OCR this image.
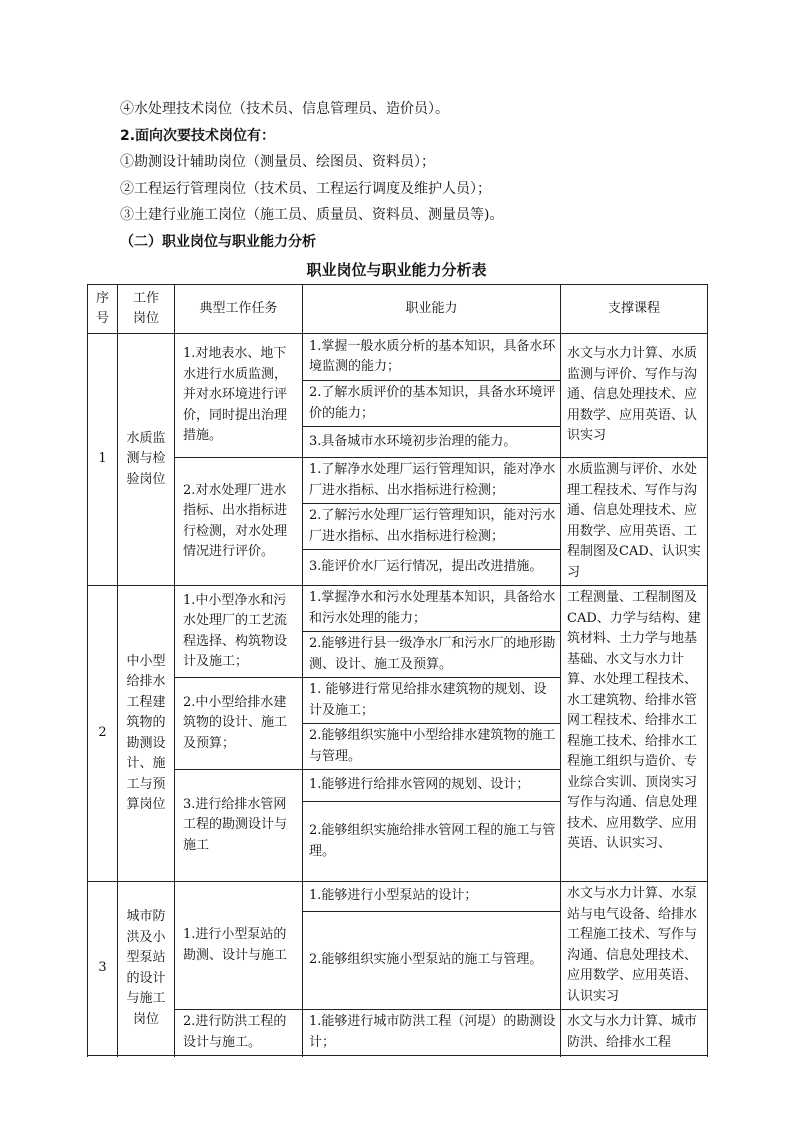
④水处理技术岗位（技术员、信息管理员、造价员）。
2.面向次要技术岗位有：
①勘测设计辅助岗位（测量员、绘图员、资料员）；
②工程运行管理岗位（技术员、工程运行调度及维护人员）；
③土建行业施工岗位（施工员、质量员、资料员、测量员等)。
（二）职业岗位与职业能力分析
职业岗位与职业能力分析表
序号	工作岗位	典型工作任务	职业能力	支撑课程
1	水质监测与检验岗位	1.对地表水、地下水进行水质监测，并对水环境进行评价，同时提出治理措施。	1.掌握一般水质分析的基本知识，具备水环境监测的能力；	水文与水力计算、水质监测与评价、写作与沟通、信息处理技术、应用数学、应用英语、认识实习
			2.了解水质评价的基本知识，具备水环境评价的能力；	
			3.具备城市水环境初步治理的能力。	
		2.对水处理厂进水指标、出水指标进行检测，对水处理情况进行评价。	1.了解净水处理厂运行管理知识，能对净水厂进水指标、出水指标进行检测；	水质监测与评价、水处理工程技术、写作与沟通、信息处理技术、应用数学、应用英语、工程制图及CAD、认识实习
			2.了解污水处理厂运行管理知识，能对污水厂进水指标、出水指标进行检测；	
			3.能评价水厂运行情况，提出改进措施。	
2	中小型给排水工程建筑物的勘测设计、施工与预算岗位	1.中小型净水和污水处理厂的工艺流程选择、构筑物设计及施工；	1.掌握净水和污水处理基本知识，具备给水和污水处理的能力；	工程测量、工程制图及CAD、力学与结构、建筑材料、土力学与地基基础、水文与水力计算、水处理工程技术、水工建筑物、给排水管网工程技术、给排水工程施工技术、给排水工程施工组织与造价、专业综合实训、顶岗实习写作与沟通、信息处理技术、应用数学、应用英语、认识实习、
			2.能够进行县一级净水厂和污水厂的地形勘测、设计、施工及预算。	
		2.中小型给排水建筑物的设计、施工及预算；	1. 能够进行常见给排水建筑物的规划、设计及施工；	
			2.能够组织实施中小型给排水建筑物的施工与管理。	
		3.进行给排水管网工程的勘测设计与施工	1.能够进行给排水管网的规划、设计；	
			2.能够组织实施给排水管网工程的施工与管理。	
3	城市防洪及小型泵站的设计与施工岗位	1.进行小型泵站的勘测、设计与施工	1.能够进行小型泵站的设计；	水文与水力计算、水泵站与电气设备、给排水工程施工技术、写作与沟通、信息处理技术、应用数学、应用英语、认识实习
			2.能够组织实施小型泵站的施工与管理。	
		2.进行防洪工程的设计与施工。	1.能够进行城市防洪工程（河堤）的勘测设计；	水文与水力计算、城市防洪、给排水工程
